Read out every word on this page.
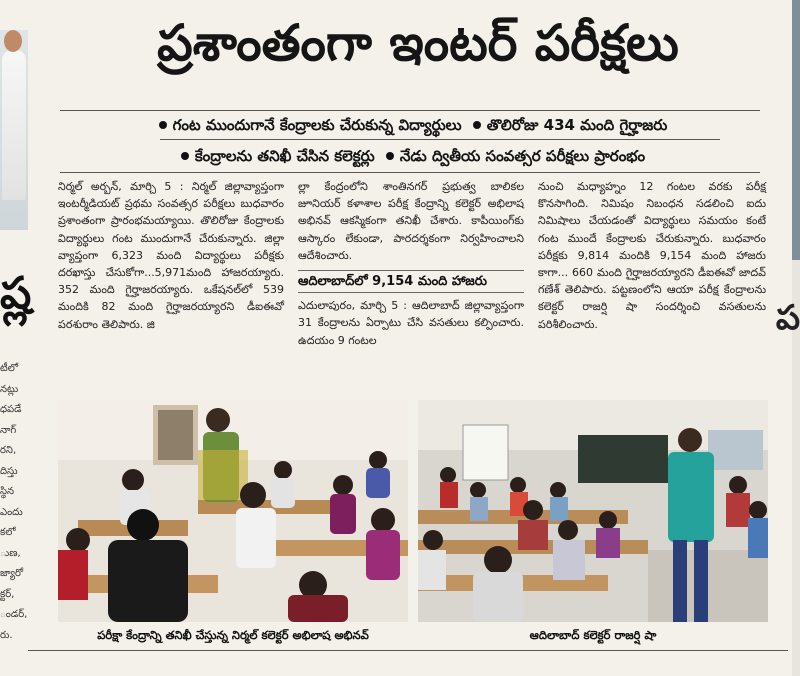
ష్ల
టీలో
నట్లు
ధపడే
నాగ్
రని,
దిస్తు
స్థిన
ఎందు
కలో
ుణ,
జ్యారో
క్టర్,
ండర్,
రు.
ప్రశాంతంగా ఇంటర్ పరీక్షలు
గంట ముందుగానే కేంద్రాలకు చేరుకున్న విద్యార్థులు తొలిరోజు 434 మంది గైర్హాజరు
కేంద్రాలను తనిఖీ చేసిన కలెక్టర్లు నేడు ద్వితీయ సంవత్సర పరీక్షలు ప్రారంభం

నిర్మల్ అర్బన్, మార్చి 5 : నిర్మల్ జిల్లావ్యాప్తంగా ఇంటర్మీడియట్ ప్రథమ సంవత్సర పరీక్షలు బుధవారం ప్రశాంతంగా ప్రారంభమయ్యాయి. తొలిరోజు కేంద్రాలకు విద్యార్థులు గంట ముందుగానే చేరుకున్నారు. జిల్లా వ్యాప్తంగా 6,323 మంది విద్యార్థులు పరీక్షకు దరఖాస్తు చేసుకోగా...5,971మంది హాజరయ్యారు. 352 మంది గైర్హాజరయ్యారు. ఒకేషనల్‌లో 539 మందికి 82 మంది గైర్హాజరయ్యారని డీఐఈవో పరశురాం తెలిపారు. జి

ల్లా కేంద్రంలోని శాంతినగర్ ప్రభుత్వ బాలికల జూనియర్ కళాశాల పరీక్ష కేంద్రాన్ని కలెక్టర్ అభిలాష అభినవ్ ఆకస్మికంగా తనిఖీ చేశారు. కాపీయింగ్‌కు ఆస్కారం లేకుండా, పారదర్శకంగా నిర్వహించాలని ఆదేశించారు.

ఆదిలాబాద్‌లో 9,154 మంది హాజరు

ఎదులాపురం, మార్చి 5 : ఆదిలాబాద్ జిల్లావ్యాప్తంగా 31 కేంద్రాలను ఏర్పాటు చేసి వసతులు కల్పించారు. ఉదయం 9 గంటల

నుంచి మధ్యాహ్నం 12 గంటల వరకు పరీక్ష కొనసాగింది. నిమిషం నిబంధన సడలించి ఐదు నిమిషాలు చేయడంతో విద్యార్థులు సమయం కంటే గంట ముందే కేంద్రాలకు చేరుకున్నారు. బుధవారం పరీక్షకు 9,814 మందికి 9,154 మంది హాజరు కాగా... 660 మంది గైర్హాజరయ్యారని డీఐఈవో జాదవ్ గణేశ్ తెలిపారు. పట్టణంలోని ఆయా పరీక్ష కేంద్రాలను కలెక్టర్ రాజర్షి షా సందర్శించి వసతులను పరిశీలించారు.

పరీక్షా కేంద్రాన్ని తనిఖీ చేస్తున్న నిర్మల్ కలెక్టర్ అభిలాష అభినవ్	ఆదిలాబాద్ కలెక్టర్ రాజర్షి షా
ప
